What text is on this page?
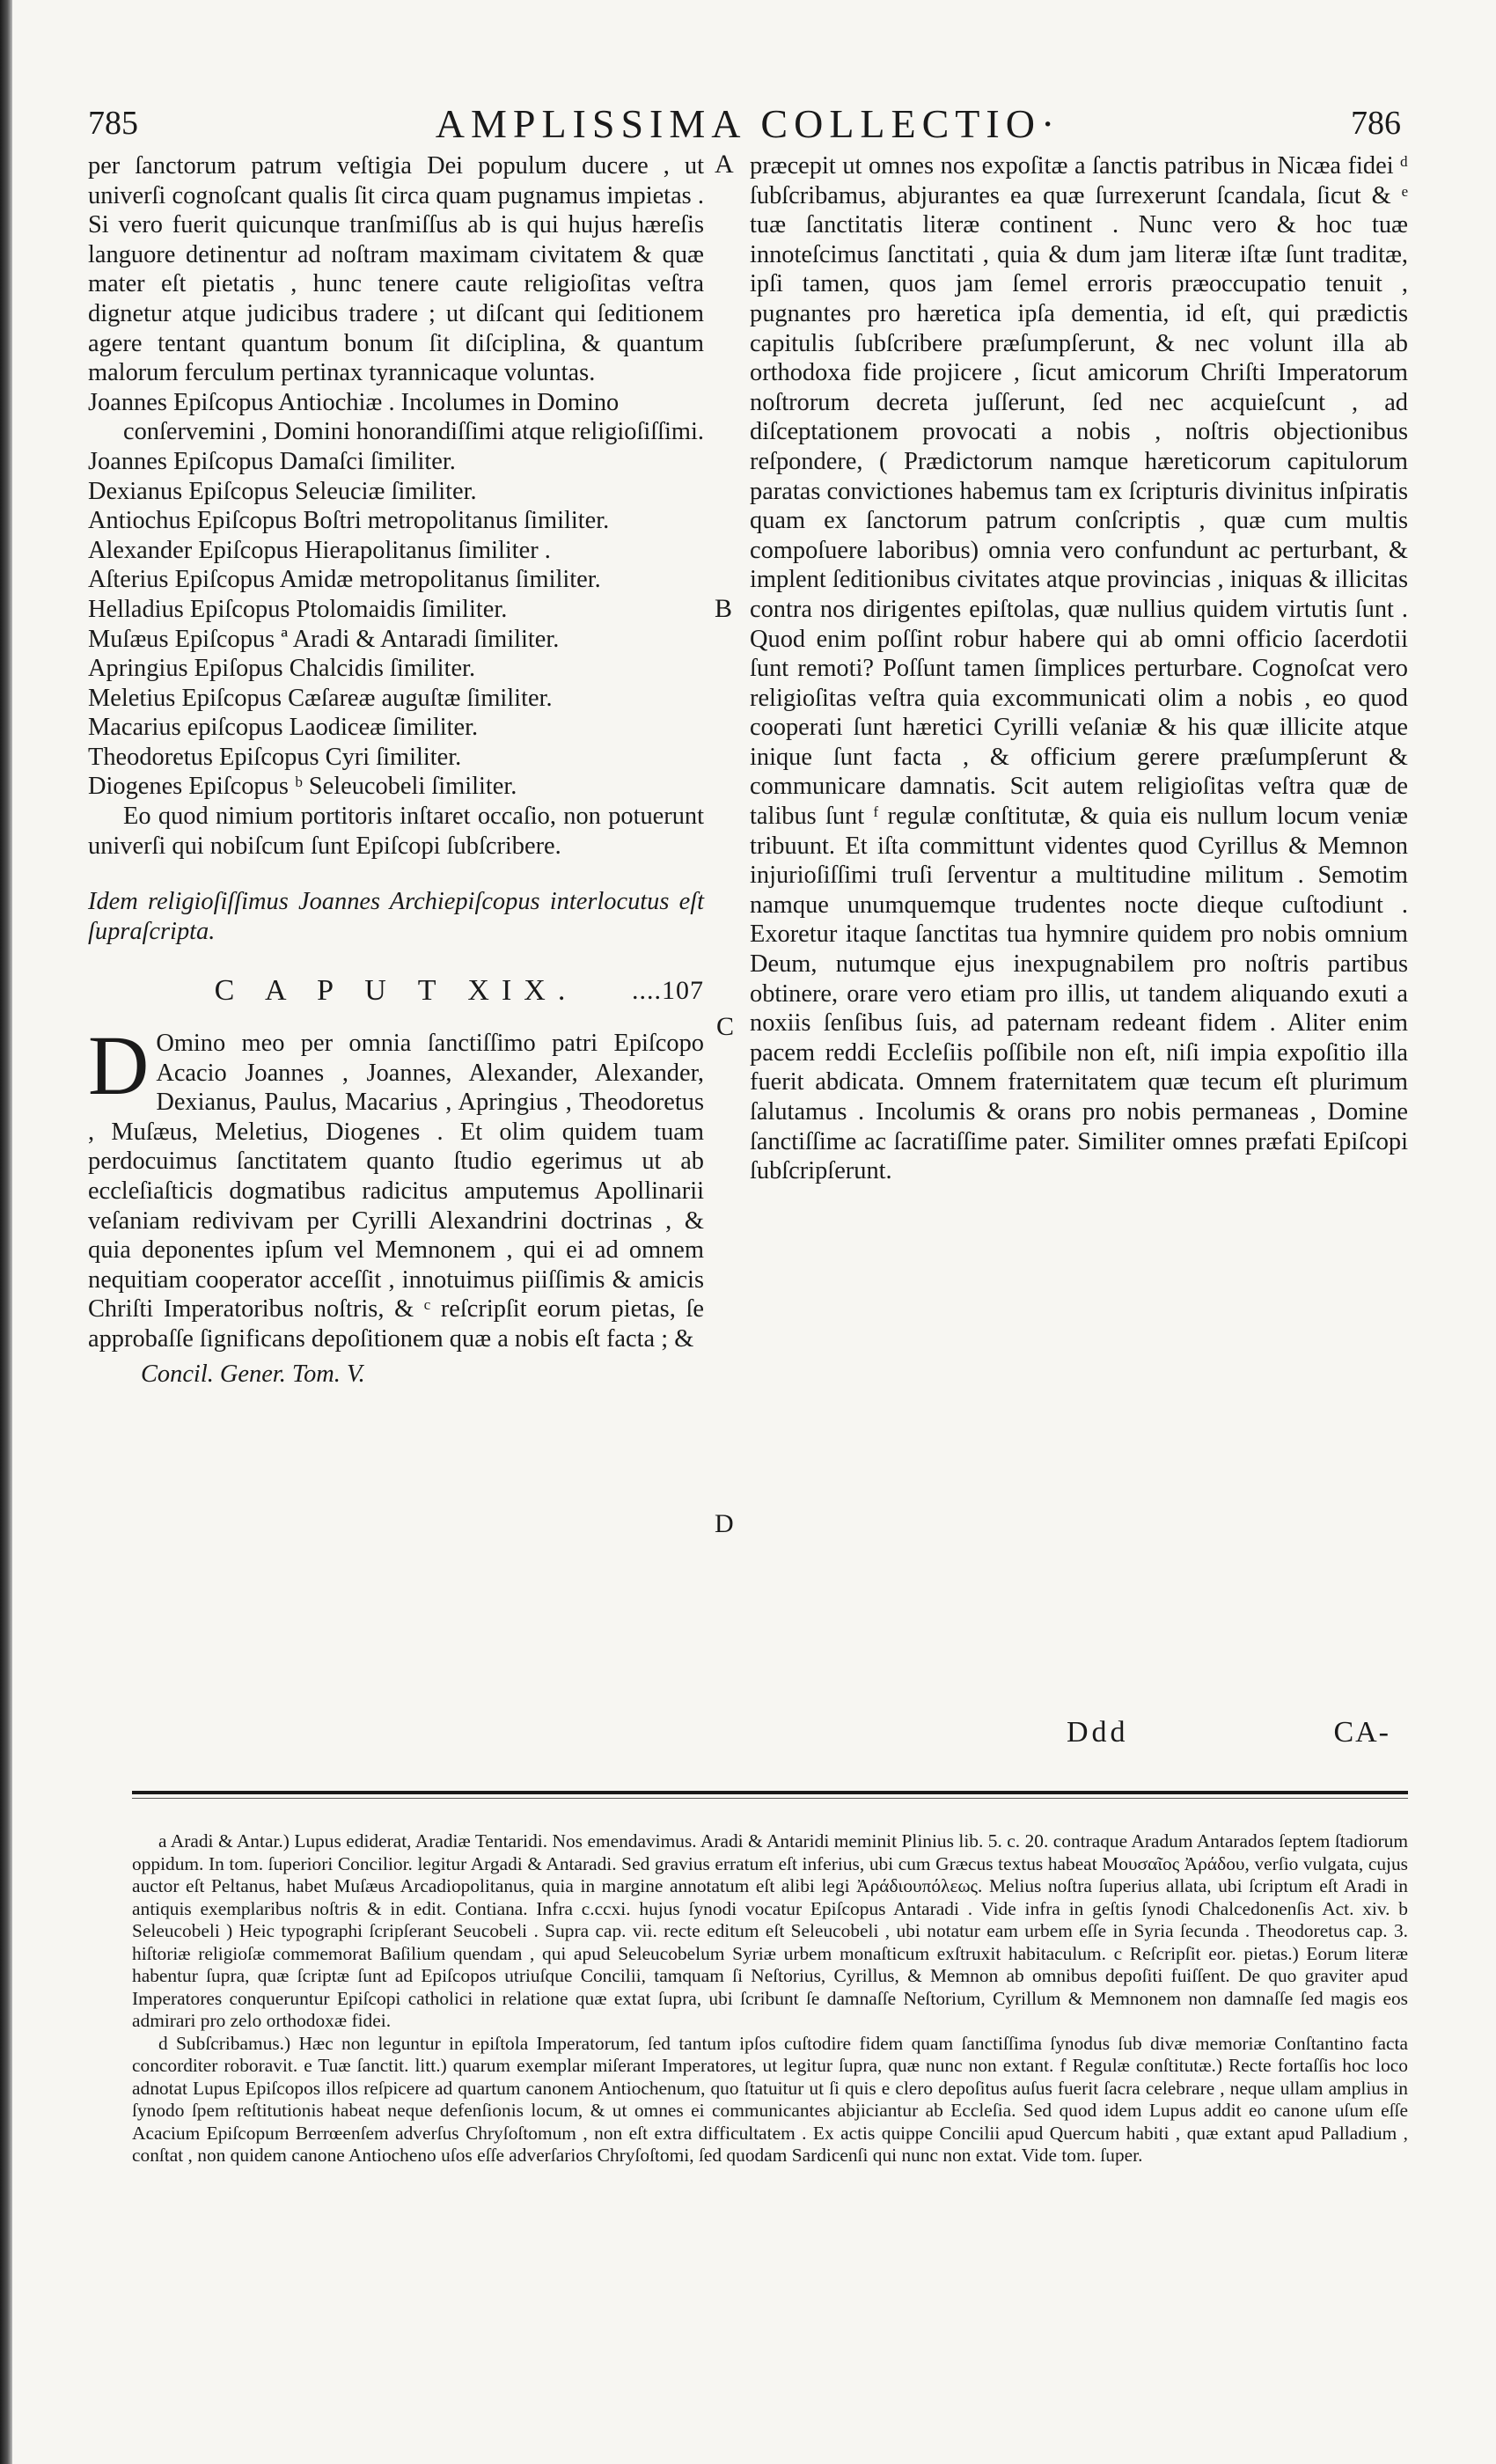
785	AMPLISSIMA COLLECTIO·	786

per ſanctorum patrum veſtigia Dei populum ducere , ut univerſi cognoſcant qualis ſit circa quam pugnamus impietas . Si vero fuerit quicunque tranſmiſſus ab is qui hujus hæreſis languore detinentur ad noſtram maximam civitatem & quæ mater eſt pietatis , hunc tenere caute religioſitas veſtra dignetur atque judicibus tradere ; ut diſcant qui ſeditionem agere tentant quantum bonum ſit diſciplina, & quantum malorum ferculum pertinax tyrannicaque voluntas.

Joannes Epiſcopus Antiochiæ . Incolumes in Domino conſervemini , Domini honorandiſſimi atque religioſiſſimi.

Joannes Epiſcopus Damaſci ſimiliter.

Dexianus Epiſcopus Seleuciæ ſimiliter.

Antiochus Epiſcopus Boſtri metropolitanus ſimiliter.

Alexander Epiſcopus Hierapolitanus ſimiliter .

Aſterius Epiſcopus Amidæ metropolitanus ſimiliter.

Helladius Epiſcopus Ptolomaidis ſimiliter.

Muſæus Epiſcopus ª Aradi & Antaradi ſimiliter.

Apringius Epiſopus Chalcidis ſimiliter.

Meletius Epiſcopus Cæſareæ auguſtæ ſimiliter.

Macarius epiſcopus Laodiceæ ſimiliter.

Theodoretus Epiſcopus Cyri ſimiliter.

Diogenes Epiſcopus ᵇ Seleucobeli ſimiliter.

Eo quod nimium portitoris inſtaret occaſio, non potuerunt univerſi qui nobiſcum ſunt Epiſcopi ſubſcribere.

Idem religioſiſſimus Joannes Archiepiſcopus interlocutus eſt ſupraſcripta.

C A P U T XIX. ....107

D Omino meo per omnia ſanctiſſimo patri Epiſcopo Acacio Joannes , Joannes, Alexander, Alexander, Dexianus, Paulus, Macarius , Apringius , Theodoretus , Muſæus, Meletius, Diogenes . Et olim quidem tuam perdocuimus ſanctitatem quanto ſtudio egerimus ut ab eccleſiaſticis dogmatibus radicitus amputemus Apollinarii veſaniam redivivam per Cyrilli Alexandrini doctrinas , & quia deponentes ipſum vel Memnonem , qui ei ad omnem nequitiam cooperator acceſſit , innotuimus piiſſimis & amicis Chriſti Imperatoribus noſtris, & ᶜ reſcripſit eorum pietas, ſe approbaſſe ſignificans depoſitionem quæ a nobis eſt facta ; &

Concil. Gener. Tom. V.
A
B
C
D

præcepit ut omnes nos expoſitæ a ſanctis patribus in Nicæa fidei ᵈ ſubſcribamus, abjurantes ea quæ ſurrexerunt ſcandala, ſicut & ᵉ tuæ ſanctitatis literæ continent . Nunc vero & hoc tuæ innoteſcimus ſanctitati , quia & dum jam literæ iſtæ ſunt traditæ, ipſi tamen, quos jam ſemel erroris præoccupatio tenuit , pugnantes pro hæretica ipſa dementia, id eſt, qui prædictis capitulis ſubſcribere præſumpſerunt, & nec volunt illa ab orthodoxa fide projicere , ſicut amicorum Chriſti Imperatorum noſtrorum decreta juſſerunt, ſed nec acquieſcunt , ad diſceptationem provocati a nobis , noſtris objectionibus reſpondere, ( Prædictorum namque hæreticorum capitulorum paratas convictiones habemus tam ex ſcripturis divinitus inſpiratis quam ex ſanctorum patrum conſcriptis , quæ cum multis compoſuere laboribus) omnia vero confundunt ac perturbant, & implent ſeditionibus civitates atque provincias , iniquas & illicitas contra nos dirigentes epiſtolas, quæ nullius quidem virtutis ſunt . Quod enim poſſint robur habere qui ab omni officio ſacerdotii ſunt remoti? Poſſunt tamen ſimplices perturbare. Cognoſcat vero religioſitas veſtra quia excommunicati olim a nobis , eo quod cooperati ſunt hæretici Cyrilli veſaniæ & his quæ illicite atque inique ſunt facta , & officium gerere præſumpſerunt & communicare damnatis. Scit autem religioſitas veſtra quæ de talibus ſunt ᶠ regulæ conſtitutæ, & quia eis nullum locum veniæ tribuunt. Et iſta committunt videntes quod Cyrillus & Memnon injurioſiſſimi truſi ſerventur a multitudine militum . Semotim namque unumquemque trudentes nocte dieque cuſtodiunt . Exoretur itaque ſanctitas tua hymnire quidem pro nobis omnium Deum, nutumque ejus inexpugnabilem pro noſtris partibus obtinere, orare vero etiam pro illis, ut tandem aliquando exuti a noxiis ſenſibus ſuis, ad paternam redeant fidem . Aliter enim pacem reddi Eccleſiis poſſibile non eſt, niſi impia expoſitio illa fuerit abdicata. Omnem fraternitatem quæ tecum eſt plurimum ſalutamus . Incolumis & orans pro nobis permaneas , Domine ſanctiſſime ac ſacratiſſime pater. Similiter omnes præfati Epiſcopi ſubſcripſerunt.

Ddd	CA-

a Aradi & Antar.) Lupus ediderat, Aradiæ Tentaridi. Nos emendavimus. Aradi & Antaridi meminit Plinius lib. 5. c. 20. contraque Aradum Antarados ſeptem ſtadiorum oppidum. In tom. ſuperiori Concilior. legitur Argadi & Antaradi. Sed gravius erratum eſt inferius, ubi cum Græcus textus habeat Μουσαῖος Ἀράδου, verſio vulgata, cujus auctor eſt Peltanus, habet Muſæus Arcadiopolitanus, quia in margine annotatum eſt alibi legi Ἀράδιουπόλεως. Melius noſtra ſuperius allata, ubi ſcriptum eſt Aradi in antiquis exemplaribus noſtris & in edit. Contiana. Infra c.ccxi. hujus ſynodi vocatur Epiſcopus Antaradi . Vide infra in geſtis ſynodi Chalcedonenſis Act. xiv. b Seleucobeli ) Heic typographi ſcripſerant Seucobeli . Supra cap. vii. recte editum eſt Seleucobeli , ubi notatur eam urbem eſſe in Syria ſecunda . Theodoretus cap. 3. hiſtoriæ religioſæ commemorat Baſilium quendam , qui apud Seleucobelum Syriæ urbem monaſticum exſtruxit habitaculum. c Reſcripſit eor. pietas.) Eorum literæ habentur ſupra, quæ ſcriptæ ſunt ad Epiſcopos utriuſque Concilii, tamquam ſi Neſtorius, Cyrillus, & Memnon ab omnibus depoſiti fuiſſent. De quo graviter apud Imperatores conqueruntur Epiſcopi catholici in relatione quæ extat ſupra, ubi ſcribunt ſe damnaſſe Neſtorium, Cyrillum & Memnonem non damnaſſe ſed magis eos admirari pro zelo orthodoxæ fidei.

d Subſcribamus.) Hæc non leguntur in epiſtola Imperatorum, ſed tantum ipſos cuſtodire fidem quam ſanctiſſima ſynodus ſub divæ memoriæ Conſtantino facta concorditer roboravit. e Tuæ ſanctit. litt.) quarum exemplar miſerant Imperatores, ut legitur ſupra, quæ nunc non extant. f Regulæ conſtitutæ.) Recte fortaſſis hoc loco adnotat Lupus Epiſcopos illos reſpicere ad quartum canonem Antiochenum, quo ſtatuitur ut ſi quis e clero depoſitus auſus fuerit ſacra celebrare , neque ullam amplius in ſynodo ſpem reſtitutionis habeat neque defenſionis locum, & ut omnes ei communicantes abjiciantur ab Eccleſia. Sed quod idem Lupus addit eo canone uſum eſſe Acacium Epiſcopum Berrœenſem adverſus Chryſoſtomum , non eſt extra difficultatem . Ex actis quippe Concilii apud Quercum habiti , quæ extant apud Palladium , conſtat , non quidem canone Antiocheno uſos eſſe adverſarios Chryſoſtomi, ſed quodam Sardicenſi qui nunc non extat. Vide tom. ſuper.
